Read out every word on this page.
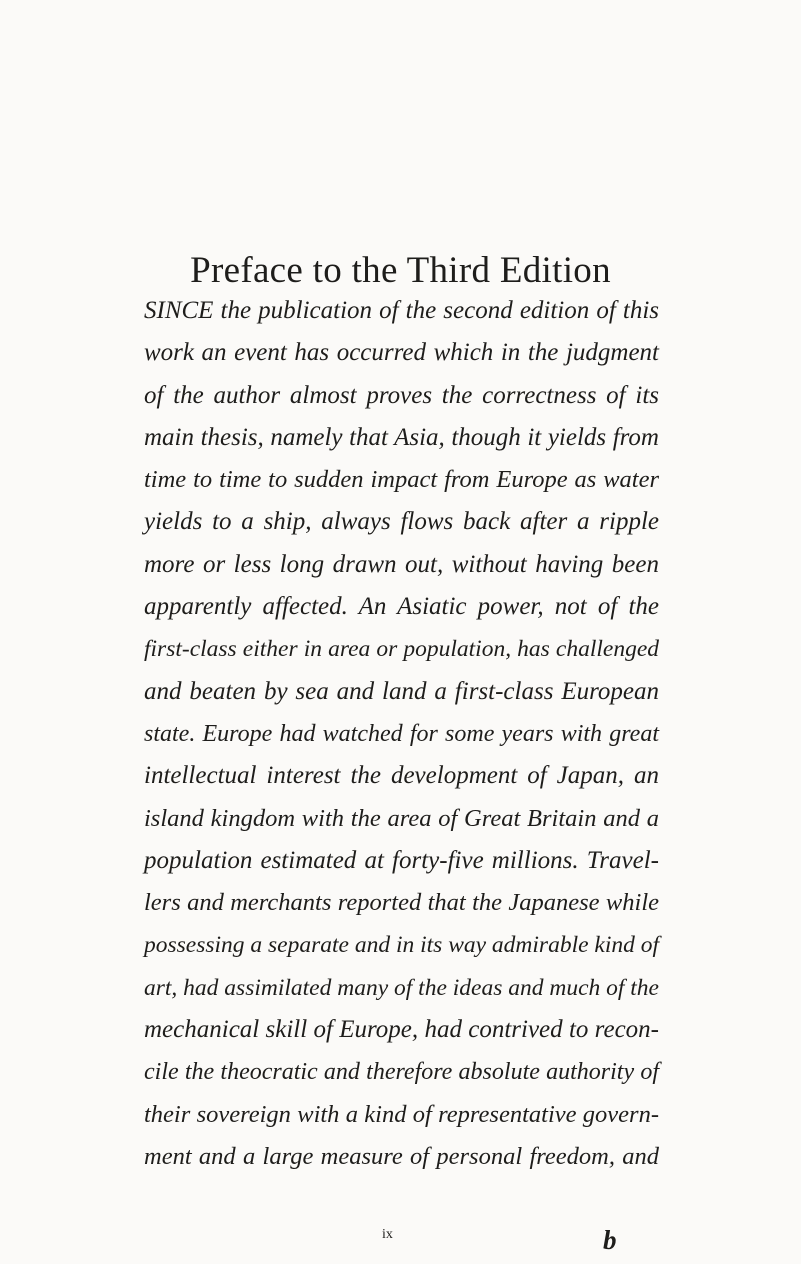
Preface to the Third Edition
SINCE the publication of the second edition of this
work an event has occurred which in the judgment
of the author almost proves the correctness of its
main thesis, namely that Asia, though it yields from
time to time to sudden impact from Europe as water
yields to a ship, always flows back after a ripple
more or less long drawn out, without having been
apparently affected. An Asiatic power, not of the
first-class either in area or population, has challenged
and beaten by sea and land a first-class European
state. Europe had watched for some years with great
intellectual interest the development of Japan, an
island kingdom with the area of Great Britain and a
population estimated at forty-five millions. Travel-
lers and merchants reported that the Japanese while
possessing a separate and in its way admirable kind of
art, had assimilated many of the ideas and much of the
mechanical skill of Europe, had contrived to recon-
cile the theocratic and therefore absolute authority of
their sovereign with a kind of representative govern-
ment and a large measure of personal freedom, and
ix	b
